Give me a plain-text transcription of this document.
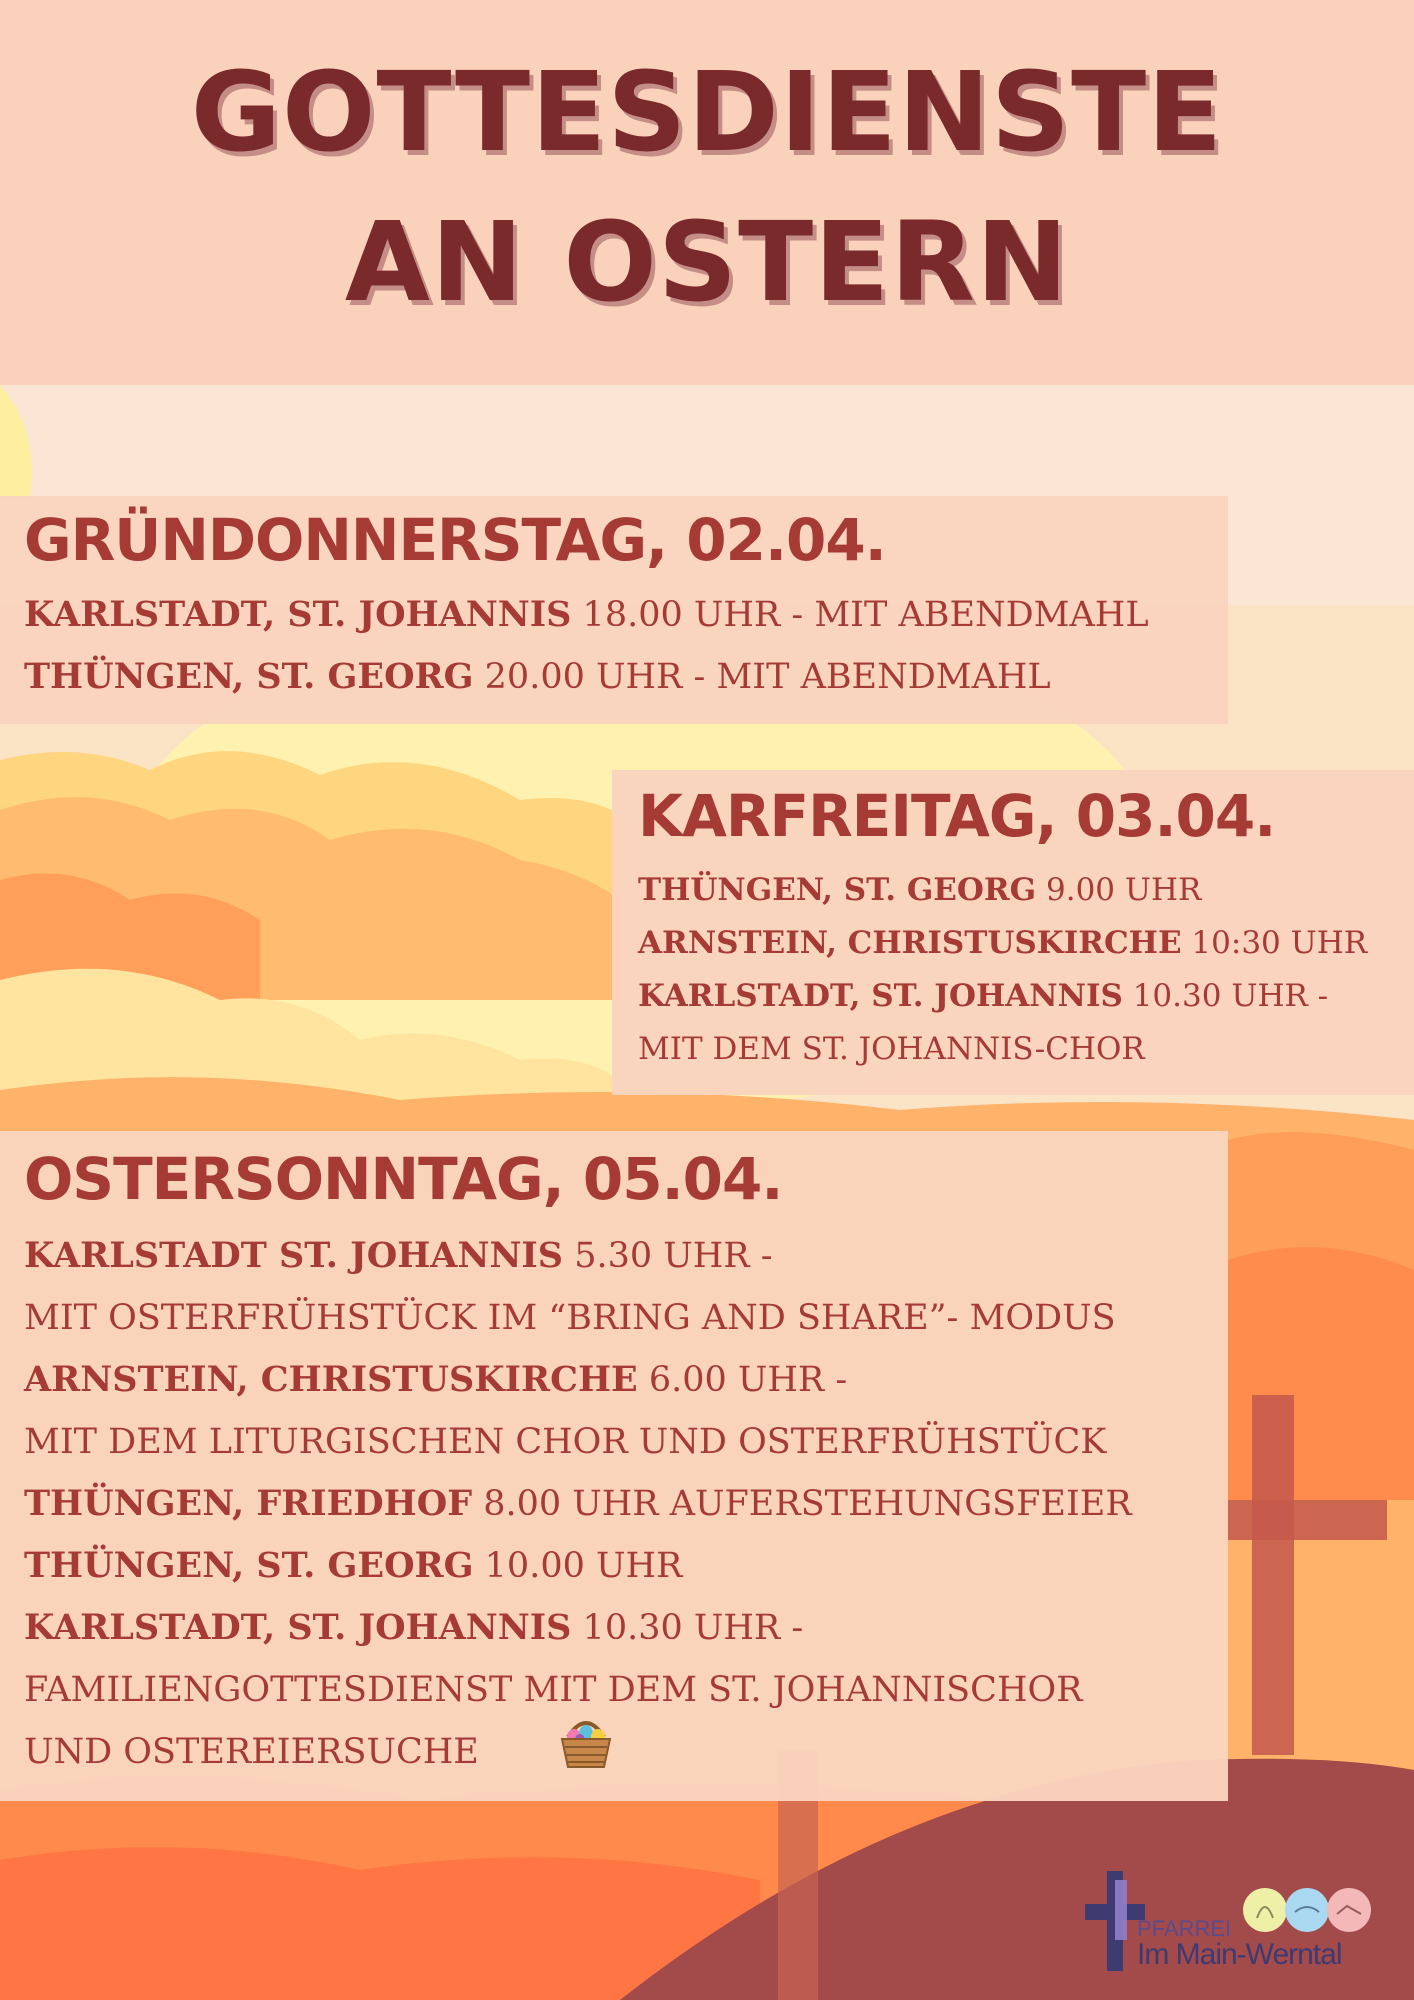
GOTTESDIENSTE
AN OSTERN
GRÜNDONNERSTAG, 02.04.
KARLSTADT, ST. JOHANNIS 18.00 UHR - MIT ABENDMAHL
THÜNGEN, ST. GEORG 20.00 UHR - MIT ABENDMAHL
KARFREITAG, 03.04.
THÜNGEN, ST. GEORG 9.00 UHR
ARNSTEIN, CHRISTUSKIRCHE 10:30 UHR
KARLSTADT, ST. JOHANNIS 10.30 UHR -
MIT DEM ST. JOHANNIS-CHOR
OSTERSONNTAG, 05.04.
KARLSTADT ST. JOHANNIS 5.30 UHR -
MIT OSTERFRÜHSTÜCK IM “BRING AND SHARE”- MODUS
ARNSTEIN, CHRISTUSKIRCHE 6.00 UHR -
MIT DEM LITURGISCHEN CHOR UND OSTERFRÜHSTÜCK
THÜNGEN, FRIEDHOF 8.00 UHR AUFERSTEHUNGSFEIER
THÜNGEN, ST. GEORG 10.00 UHR
KARLSTADT, ST. JOHANNIS 10.30 UHR -
FAMILIENGOTTESDIENST MIT DEM ST. JOHANNISCHOR
UND OSTEREIERSUCHE
PFARREI
Im Main-Werntal
